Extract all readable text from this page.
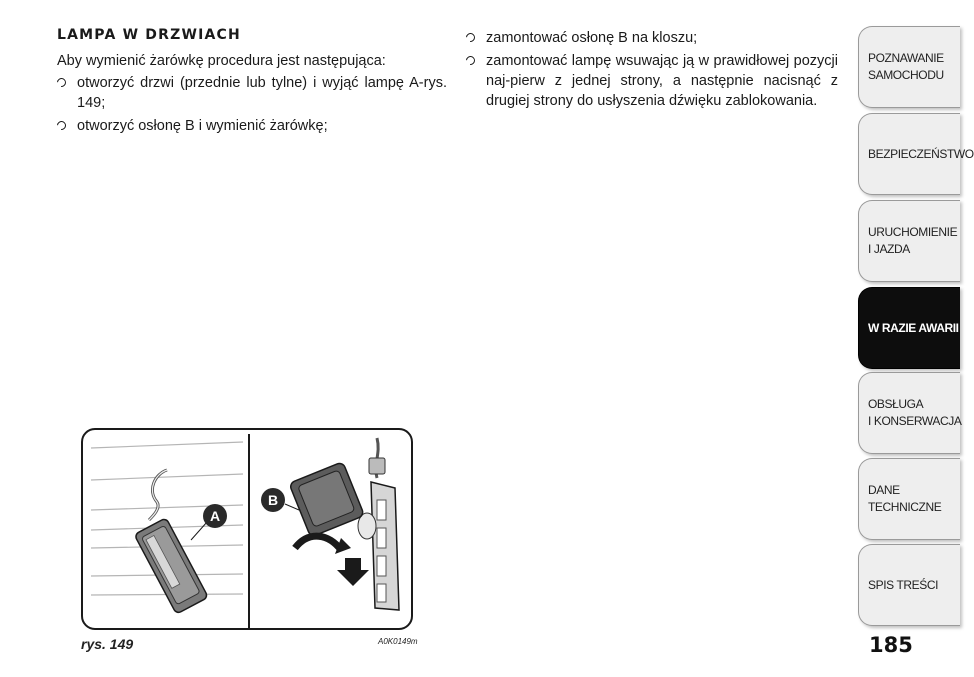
LAMPA W DRZWIACH

Aby wymienić żarówkę procedura jest następująca:

otworzyć drzwi (przednie lub tylne) i wyjąć lampę A-rys. 149;
otworzyć osłonę B i wymienić żarówkę;
zamontować osłonę B na kloszu;
zamontować lampę wsuwając ją w prawidłowej pozycji naj-pierw z jednej strony, a następnie nacisnąć z drugiej strony do usłyszenia dźwięku zablokowania.
POZNAWANIE
SAMOCHODU
BEZPIECZEŃSTWO
URUCHOMIENIE
I JAZDA
W RAZIE AWARII
OBSŁUGA
I KONSERWACJA
DANE
TECHNICZNE
SPIS TREŚCI
A
B
rys. 149	A0K0149m	185
